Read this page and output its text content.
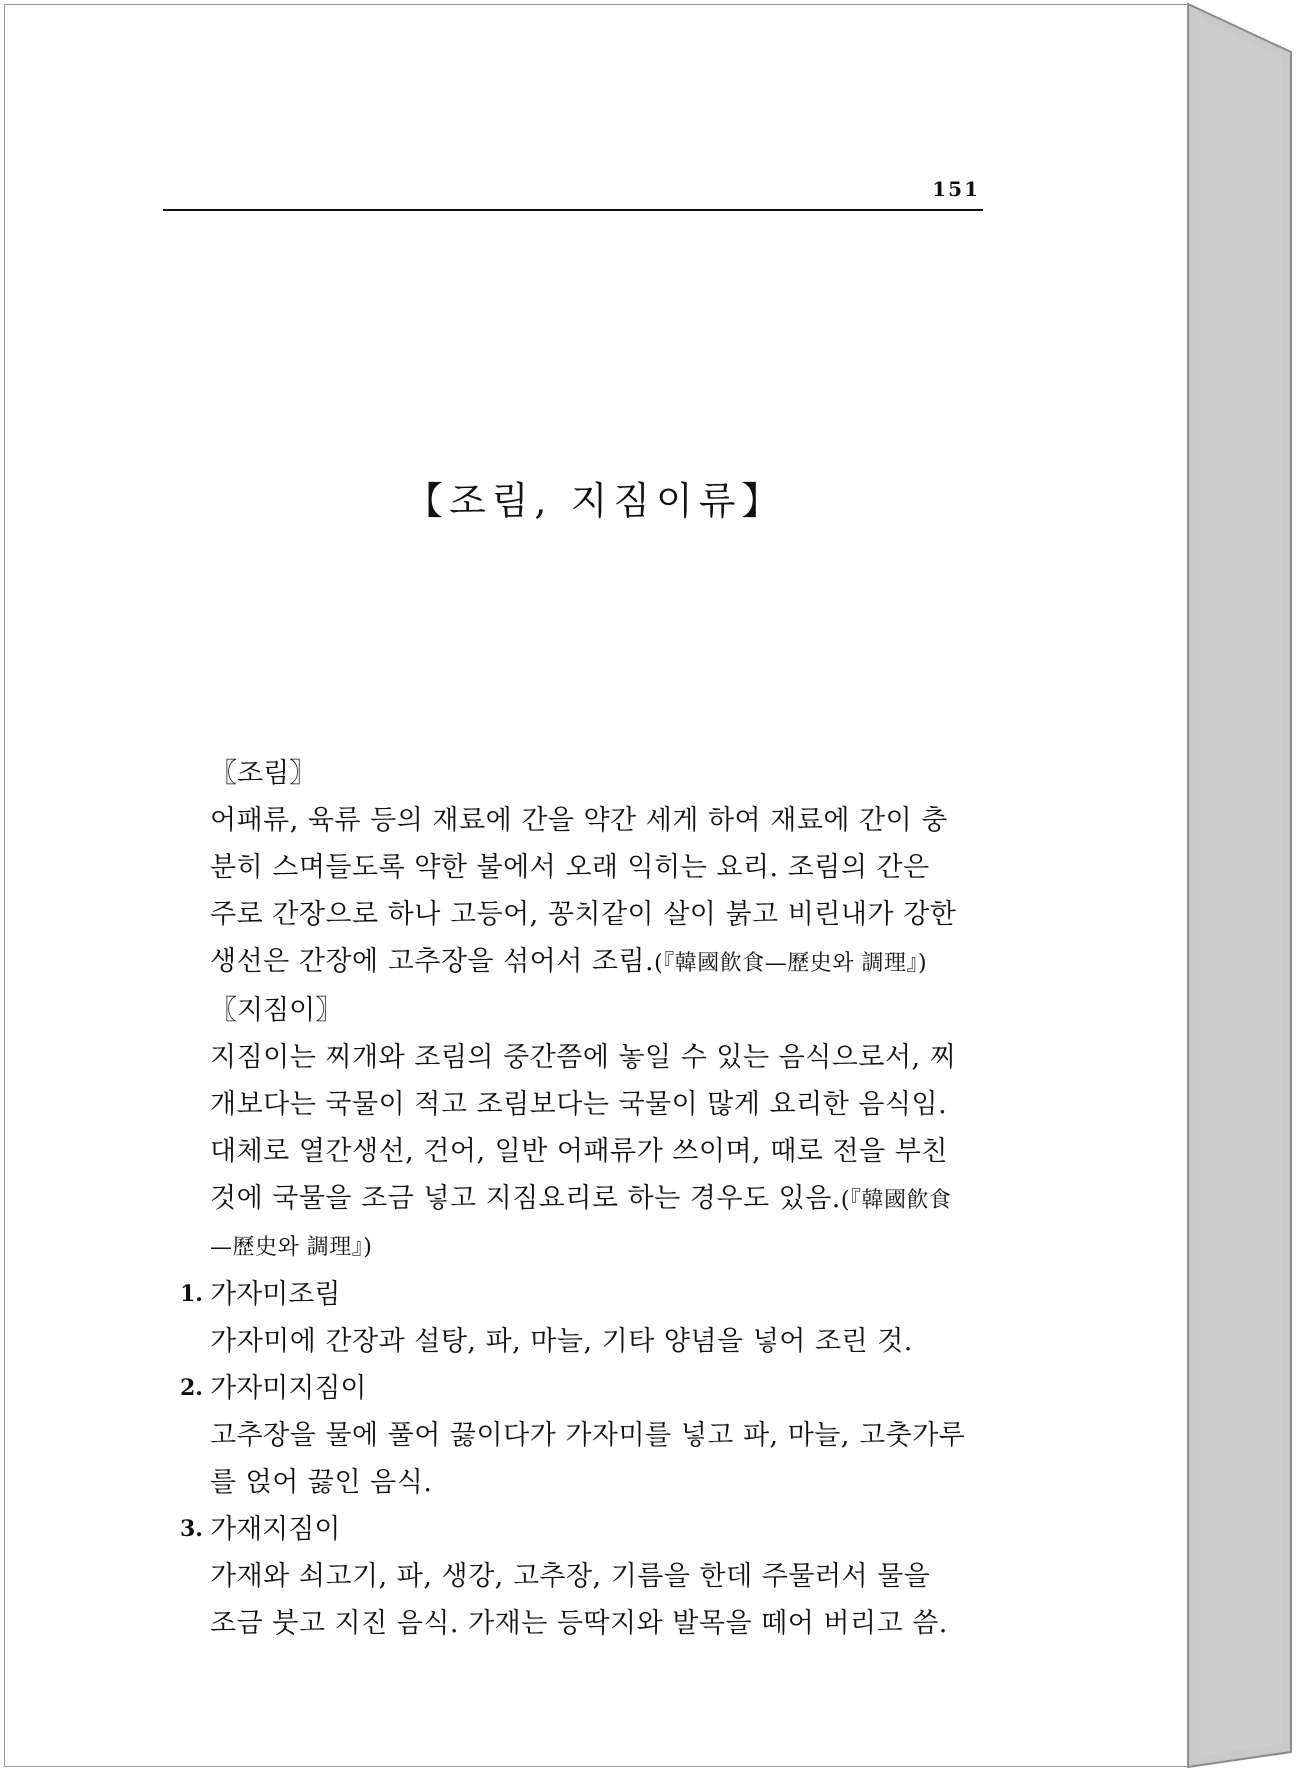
151
【조림, 지짐이류】
〖조림〗
어패류, 육류 등의 재료에 간을 약간 세게 하여 재료에 간이 충
분히 스며들도록 약한 불에서 오래 익히는 요리. 조림의 간은
주로 간장으로 하나 고등어, 꽁치같이 살이 붉고 비린내가 강한
생선은 간장에 고추장을 섞어서 조림.(『韓國飮食—歷史와 調理』)
〖지짐이〗
지짐이는 찌개와 조림의 중간쯤에 놓일 수 있는 음식으로서, 찌
개보다는 국물이 적고 조림보다는 국물이 많게 요리한 음식임.
대체로 열간생선, 건어, 일반 어패류가 쓰이며, 때로 전을 부친
것에 국물을 조금 넣고 지짐요리로 하는 경우도 있음.(『韓國飮食
—歷史와 調理』)
1. 가자미조림
가자미에 간장과 설탕, 파, 마늘, 기타 양념을 넣어 조린 것.
2. 가자미지짐이
고추장을 물에 풀어 끓이다가 가자미를 넣고 파, 마늘, 고춧가루
를 얹어 끓인 음식.
3. 가재지짐이
가재와 쇠고기, 파, 생강, 고추장, 기름을 한데 주물러서 물을
조금 붓고 지진 음식. 가재는 등딱지와 발목을 떼어 버리고 씀.
